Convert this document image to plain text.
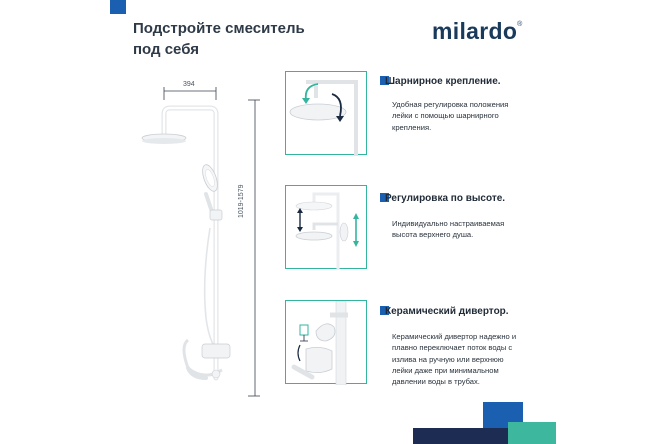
Подстройте смеситель
под себя
milardo®
394
1019-1579
Шарнирное крепление.
Удобная регулировка положения
лейки с помощью шарнирного
крепления.
Регулировка по высоте.
Индивидуально настраиваемая
высота верхнего душа.
Керамический дивертор.
Керамический дивертор надежно и
плавно переключает поток воды с
излива на ручную или верхнюю
лейки даже при минимальном
давлении воды в трубах.
